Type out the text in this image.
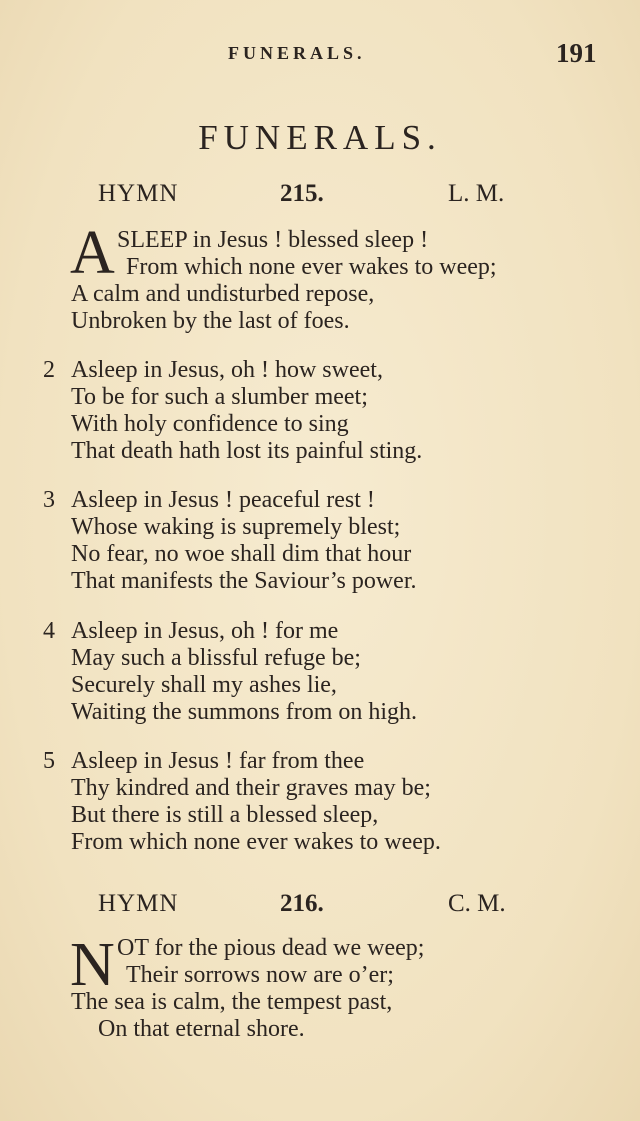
FUNERALS.	191
FUNERALS.
HYMN	215.	L. M.
A SLEEP in Jesus ! blessed sleep !
From which none ever wakes to weep;
A calm and undisturbed repose,
Unbroken by the last of foes.
2 Asleep in Jesus, oh ! how sweet,
To be for such a slumber meet;
With holy confidence to sing
That death hath lost its painful sting.
3 Asleep in Jesus ! peaceful rest !
Whose waking is supremely blest;
No fear, no woe shall dim that hour
That manifests the Saviour’s power.
4 Asleep in Jesus, oh ! for me
May such a blissful refuge be;
Securely shall my ashes lie,
Waiting the summons from on high.
5 Asleep in Jesus ! far from thee
Thy kindred and their graves may be;
But there is still a blessed sleep,
From which none ever wakes to weep.
HYMN	216.	C. M.
N OT for the pious dead we weep;
Their sorrows now are o’er;
The sea is calm, the tempest past,
On that eternal shore.
